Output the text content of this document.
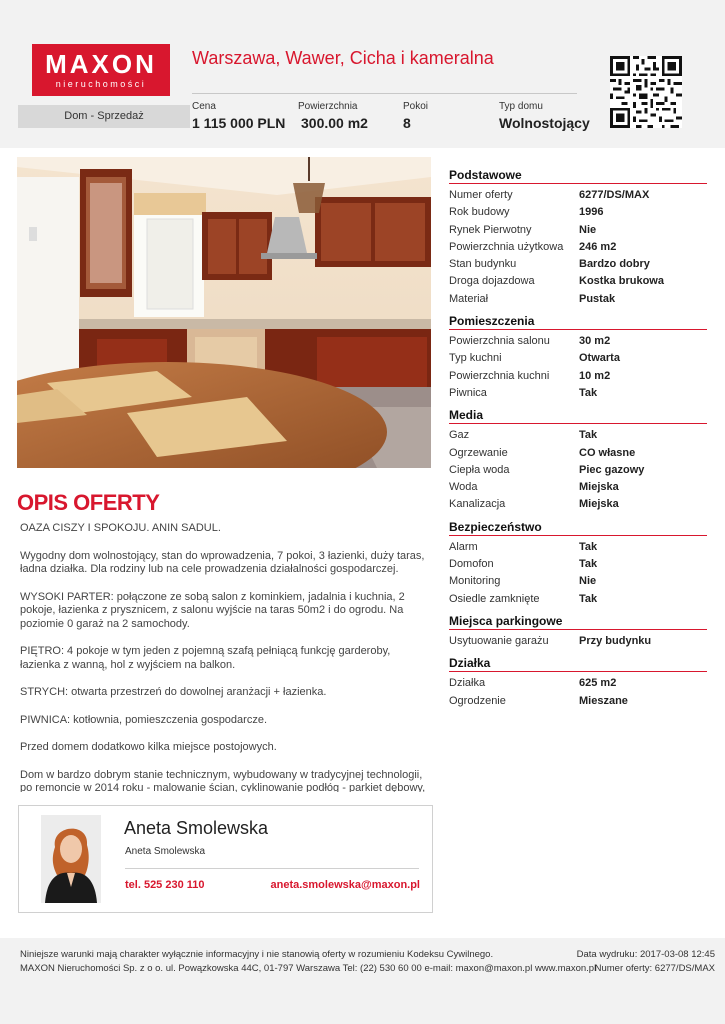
MAXON
nieruchomości
Warszawa, Wawer, Cicha i kameralna
Dom - Sprzedaż
Cena
1 115 000 PLN
Powierzchnia
300.00 m2
Pokoi
8
Typ domu
Wolnostojący
OPIS OFERTY

OAZA CISZY I SPOKOJU. ANIN SADUL.

Wygodny dom wolnostojący, stan do wprowadzenia, 7 pokoi, 3 łazienki, duży taras, ładna działka. Dla rodziny lub na cele prowadzenia działalności gospodarczej.

WYSOKI PARTER: połączone ze sobą salon z kominkiem, jadalnia i kuchnia, 2 pokoje, łazienka z prysznicem, z salonu wyjście na taras 50m2 i do ogrodu. Na poziomie 0 garaż na 2 samochody.

PIĘTRO: 4 pokoje w tym jeden z pojemną szafą pełniącą funkcję garderoby, łazienka z wanną, hol z wyjściem na balkon.

STRYCH: otwarta przestrzeń do dowolnej aranżacji + łazienka.

PIWNICA: kotłownia, pomieszczenia gospodarcze.

Przed domem dodatkowo kilka miejsce postojowych.

Dom w bardzo dobrym stanie technicznym, wybudowany w tradycyjnej technologii, po remoncie w 2014 roku - malowanie ścian, cyklinowanie podłóg - parkiet dębowy,

Aneta Smolewska
Aneta Smolewska
tel. 525 230 110	aneta.smolewska@maxon.pl
Podstawowe
Numer oferty	6277/DS/MAX
Rok budowy	1996
Rynek Pierwotny	Nie
Powierzchnia użytkowa	246 m2
Stan budynku	Bardzo dobry
Droga dojazdowa	Kostka brukowa
Materiał	Pustak
Pomieszczenia
Powierzchnia salonu	30 m2
Typ kuchni	Otwarta
Powierzchnia kuchni	10 m2
Piwnica	Tak
Media
Gaz	Tak
Ogrzewanie	CO własne
Ciepła woda	Piec gazowy
Woda	Miejska
Kanalizacja	Miejska
Bezpieczeństwo
Alarm	Tak
Domofon	Tak
Monitoring	Nie
Osiedle zamknięte	Tak
Miejsca parkingowe
Usytuowanie garażu	Przy budynku
Działka
Działka	625 m2
Ogrodzenie	Mieszane
Niniejsze warunki mają charakter wyłącznie informacyjny i nie stanowią oferty w rozumieniu Kodeksu Cywilnego.
MAXON Nieruchomości Sp. z o o. ul. Powązkowska 44C, 01-797 Warszawa Tel: (22) 530 60 00 e-mail: maxon@maxon.pl www.maxon.pl
Data wydruku: 2017-03-08 12:45
Numer oferty: 6277/DS/MAX
